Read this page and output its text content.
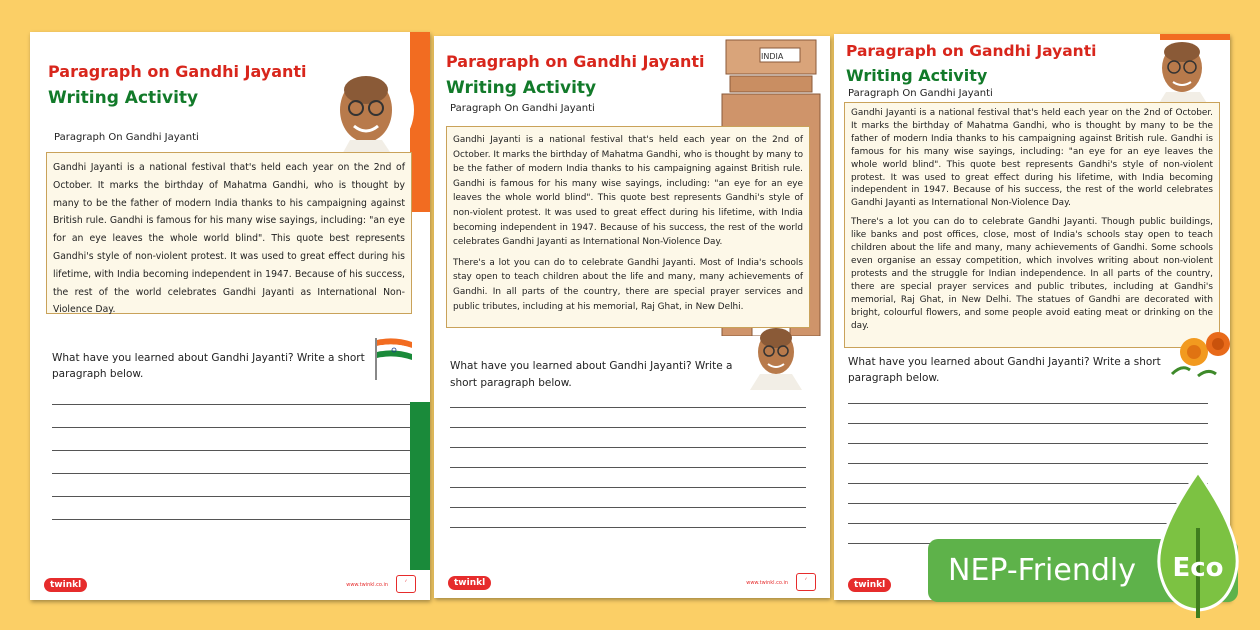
Paragraph on Gandhi Jayanti
Writing Activity
Paragraph On Gandhi Jayanti

Gandhi Jayanti is a national festival that's held each year on the 2nd of October. It marks the birthday of Mahatma Gandhi, who is thought by many to be the father of modern India thanks to his campaigning against British rule. Gandhi is famous for his many wise sayings, including: "an eye for an eye leaves the whole world blind". This quote best represents Gandhi's style of non-violent protest. It was used to great effect during his lifetime, with India becoming independent in 1947. Because of his success, the rest of the world celebrates Gandhi Jayanti as International Non-Violence Day.

What have you learned about Gandhi Jayanti? Write a short paragraph below.
twinkl	www.twinkl.co.in
✓
INDIA
Paragraph on Gandhi Jayanti
Writing Activity
Paragraph On Gandhi Jayanti

Gandhi Jayanti is a national festival that's held each year on the 2nd of October. It marks the birthday of Mahatma Gandhi, who is thought by many to be the father of modern India thanks to his campaigning against British rule. Gandhi is famous for his many wise sayings, including: "an eye for an eye leaves the whole world blind". This quote best represents Gandhi's style of non-violent protest. It was used to great effect during his lifetime, with India becoming independent in 1947. Because of his success, the rest of the world celebrates Gandhi Jayanti as International Non-Violence Day.

There's a lot you can do to celebrate Gandhi Jayanti. Most of India's schools stay open to teach children about the life and many, many achievements of Gandhi. In all parts of the country, there are special prayer services and public tributes, including at his memorial, Raj Ghat, in New Delhi.

What have you learned about Gandhi Jayanti? Write a short paragraph below.
twinkl	www.twinkl.co.in
✓
Paragraph on Gandhi Jayanti
Writing Activity
Paragraph On Gandhi Jayanti

Gandhi Jayanti is a national festival that's held each year on the 2nd of October. It marks the birthday of Mahatma Gandhi, who is thought by many to be the father of modern India thanks to his campaigning against British rule. Gandhi is famous for his many wise sayings, including: "an eye for an eye leaves the whole world blind". This quote best represents Gandhi's style of non-violent protest. It was used to great effect during his lifetime, with India becoming independent in 1947. Because of his success, the rest of the world celebrates Gandhi Jayanti as International Non-Violence Day.

There's a lot you can do to celebrate Gandhi Jayanti. Though public buildings, like banks and post offices, close, most of India's schools stay open to teach children about the life and many, many achievements of Gandhi. Some schools even organise an essay competition, which involves writing about non-violent protests and the struggle for Indian independence. In all parts of the country, there are special prayer services and public tributes, including at Gandhi's memorial, Raj Ghat, in New Delhi. The statues of Gandhi are decorated with bright, colourful flowers, and some people avoid eating meat or drinking on the day.

What have you learned about Gandhi Jayanti? Write a short paragraph below.
twinkl	NEP-Friendly	Eco
